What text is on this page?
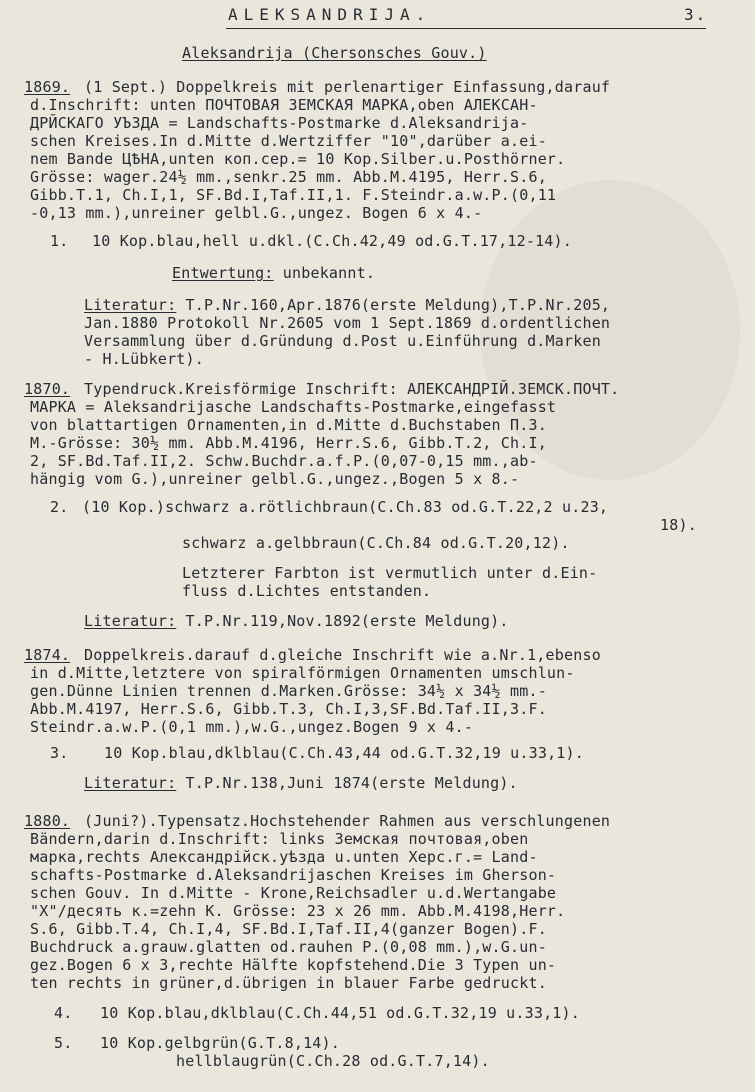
ALEKSANDRIJA.	3.
Aleksandrija (Chersonsches Gouv.)
1869. (1 Sept.) Doppelkreis mit perlenartiger Einfassung,darauf
d.Inschrift: unten ПОЧТОВАЯ ЗЕМСКАЯ МАРКА,oben АЛЕКСАН-
ДРЙСКАГО УЪЗДА = Landschafts-Postmarke d.Aleksandrija-
schen Kreises.In d.Mitte d.Wertziffer "10",darüber a.ei-
nem Bande ЦѢНА,unten коп.сер.= 10 Kop.Silber.u.Posthörner.
Grösse: wager.24½ mm.,senkr.25 mm. Abb.M.4195, Herr.S.6,
Gibb.T.1, Ch.I,1, SF.Bd.I,Taf.II,1. F.Steindr.a.w.P.(0,11
-0,13 mm.),unreiner gelbl.G.,ungez. Bogen 6 x 4.-
1. 10 Kop.blau,hell u.dkl.(C.Ch.42,49 od.G.T.17,12-14).
Entwertung: unbekannt.
Literatur: T.P.Nr.160,Apr.1876(erste Meldung),T.P.Nr.205,
Jan.1880 Protokoll Nr.2605 vom 1 Sept.1869 d.ordentlichen
Versammlung über d.Gründung d.Post u.Einführung d.Marken
- H.Lübkert).
1870. Typendruck.Kreisförmige Inschrift: АЛЕКСАНДРIЙ.ЗЕМСК.ПОЧТ.
МАРКА = Aleksandrijasche Landschafts-Postmarke,eingefasst
von blattartigen Ornamenten,in d.Mitte d.Buchstaben П.З.
M.-Grösse: 30½ mm. Abb.M.4196, Herr.S.6, Gibb.T.2, Ch.I,
2, SF.Bd.Taf.II,2. Schw.Buchdr.a.f.P.(0,07-0,15 mm.,ab-
hängig vom G.),unreiner gelbl.G.,ungez.,Bogen 5 x 8.-
2. (10 Kop.)schwarz a.rötlichbraun(C.Ch.83 od.G.T.22,2 u.23,
18).
schwarz a.gelbbraun(C.Ch.84 od.G.T.20,12).
Letzterer Farbton ist vermutlich unter d.Ein-
fluss d.Lichtes entstanden.
Literatur: T.P.Nr.119,Nov.1892(erste Meldung).
1874. Doppelkreis.darauf d.gleiche Inschrift wie a.Nr.1,ebenso
in d.Mitte,letztere von spiralförmigen Ornamenten umschlun-
gen.Dünne Linien trennen d.Marken.Grösse: 34½ x 34½ mm.-
Abb.M.4197, Herr.S.6, Gibb.T.3, Ch.I,3,SF.Bd.Taf.II,3.F.
Steindr.a.w.P.(0,1 mm.),w.G.,ungez.Bogen 9 x 4.-
3. 10 Kop.blau,dklblau(C.Ch.43,44 od.G.T.32,19 u.33,1).
Literatur: T.P.Nr.138,Juni 1874(erste Meldung).
1880. (Juni?).Typensatz.Hochstehender Rahmen aus verschlungenen
Bändern,darin d.Inschrift: links Земская почтовая,oben
марка,rechts Александрiйск.уѣзда u.unten Херс.г.= Land-
schafts-Postmarke d.Aleksandrijaschen Kreises im Gherson-
schen Gouv. In d.Mitte - Krone,Reichsadler u.d.Wertangabe
"X"/десять к.=zehn K. Grösse: 23 x 26 mm. Abb.M.4198,Herr.
S.6, Gibb.T.4, Ch.I,4, SF.Bd.I,Taf.II,4(ganzer Bogen).F.
Buchdruck a.grauw.glatten od.rauhen P.(0,08 mm.),w.G.un-
gez.Bogen 6 x 3,rechte Hälfte kopfstehend.Die 3 Typen un-
ten rechts in grüner,d.übrigen in blauer Farbe gedruckt.
4. 10 Kop.blau,dklblau(C.Ch.44,51 od.G.T.32,19 u.33,1).
5. 10 Kop.gelbgrün(G.T.8,14).
hellblaugrün(C.Ch.28 od.G.T.7,14).
